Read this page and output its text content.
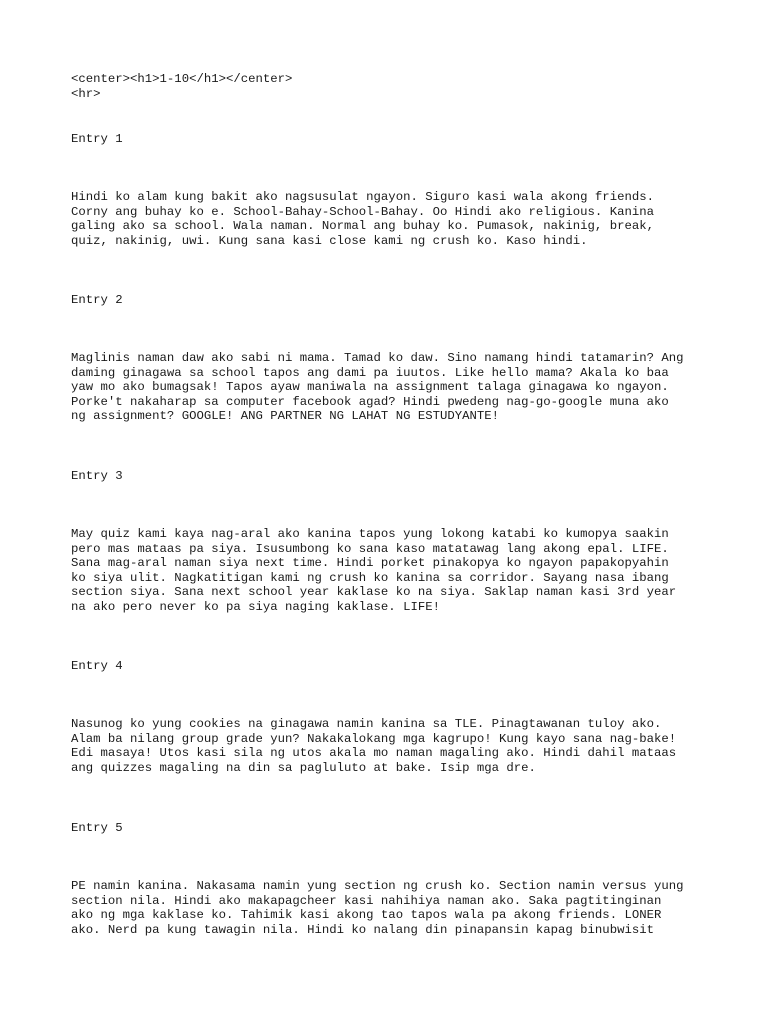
<center><h1>1-10</h1></center>
<hr>
Entry 1
Hindi ko alam kung bakit ako nagsusulat ngayon. Siguro kasi wala akong friends.
Corny ang buhay ko e. School-Bahay-School-Bahay. Oo Hindi ako religious. Kanina
galing ako sa school. Wala naman. Normal ang buhay ko. Pumasok, nakinig, break,
quiz, nakinig, uwi. Kung sana kasi close kami ng crush ko. Kaso hindi.
Entry 2
Maglinis naman daw ako sabi ni mama. Tamad ko daw. Sino namang hindi tatamarin? Ang
daming ginagawa sa school tapos ang dami pa iuutos. Like hello mama? Akala ko baa
yaw mo ako bumagsak! Tapos ayaw maniwala na assignment talaga ginagawa ko ngayon.
Porke't nakaharap sa computer facebook agad? Hindi pwedeng nag-go-google muna ako
ng assignment? GOOGLE! ANG PARTNER NG LAHAT NG ESTUDYANTE!
Entry 3
May quiz kami kaya nag-aral ako kanina tapos yung lokong katabi ko kumopya saakin
pero mas mataas pa siya. Isusumbong ko sana kaso matatawag lang akong epal. LIFE.
Sana mag-aral naman siya next time. Hindi porket pinakopya ko ngayon papakopyahin
ko siya ulit. Nagkatitigan kami ng crush ko kanina sa corridor. Sayang nasa ibang
section siya. Sana next school year kaklase ko na siya. Saklap naman kasi 3rd year
na ako pero never ko pa siya naging kaklase. LIFE!
Entry 4
Nasunog ko yung cookies na ginagawa namin kanina sa TLE. Pinagtawanan tuloy ako.
Alam ba nilang group grade yun? Nakakalokang mga kagrupo! Kung kayo sana nag-bake!
Edi masaya! Utos kasi sila ng utos akala mo naman magaling ako. Hindi dahil mataas
ang quizzes magaling na din sa pagluluto at bake. Isip mga dre.
Entry 5
PE namin kanina. Nakasama namin yung section ng crush ko. Section namin versus yung
section nila. Hindi ako makapagcheer kasi nahihiya naman ako. Saka pagtitinginan
ako ng mga kaklase ko. Tahimik kasi akong tao tapos wala pa akong friends. LONER
ako. Nerd pa kung tawagin nila. Hindi ko nalang din pinapansin kapag binubwisit
